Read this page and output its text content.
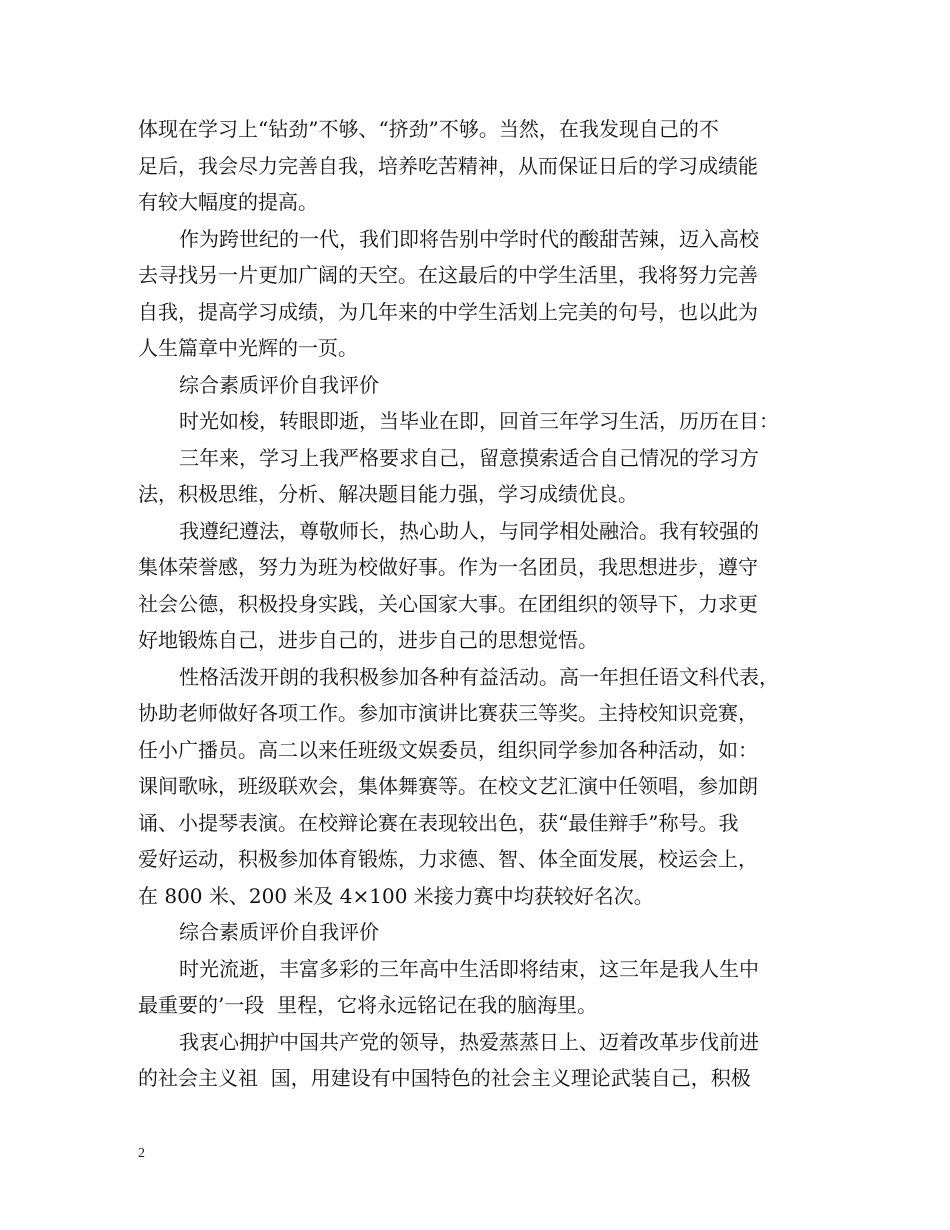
体现在学习上“钻劲”不够、“挤劲”不够。当然，在我发现自己的不
足后，我会尽力完善自我，培养吃苦精神，从而保证日后的学习成绩能
有较大幅度的提高。
作为跨世纪的一代，我们即将告别中学时代的酸甜苦辣，迈入高校
去寻找另一片更加广阔的天空。在这最后的中学生活里，我将努力完善
自我，提高学习成绩，为几年来的中学生活划上完美的句号，也以此为
人生篇章中光辉的一页。
综合素质评价自我评价
时光如梭，转眼即逝，当毕业在即，回首三年学习生活，历历在目：
三年来，学习上我严格要求自己，留意摸索适合自己情况的学习方
法，积极思维，分析、解决题目能力强，学习成绩优良。
我遵纪遵法，尊敬师长，热心助人，与同学相处融洽。我有较强的
集体荣誉感，努力为班为校做好事。作为一名团员，我思想进步，遵守
社会公德，积极投身实践，关心国家大事。在团组织的领导下，力求更
好地锻炼自己，进步自己的，进步自己的思想觉悟。
性格活泼开朗的我积极参加各种有益活动。高一年担任语文科代表，
协助老师做好各项工作。参加市演讲比赛获三等奖。主持校知识竞赛，
任小广播员。高二以来任班级文娱委员，组织同学参加各种活动，如：
课间歌咏，班级联欢会，集体舞赛等。在校文艺汇演中任领唱，参加朗
诵、小提琴表演。在校辩论赛在表现较出色，获“最佳辩手”称号。我
爱好运动，积极参加体育锻炼，力求德、智、体全面发展，校运会上，
在 800 米、200 米及 4×100 米接力赛中均获较好名次。
综合素质评价自我评价
时光流逝，丰富多彩的三年高中生活即将结束，这三年是我人生中
最重要的’一段  里程，它将永远铭记在我的脑海里。
我衷心拥护中国共产党的领导，热爱蒸蒸日上、迈着改革步伐前进
的社会主义祖  国，用建设有中国特色的社会主义理论武装自己，积极
2
